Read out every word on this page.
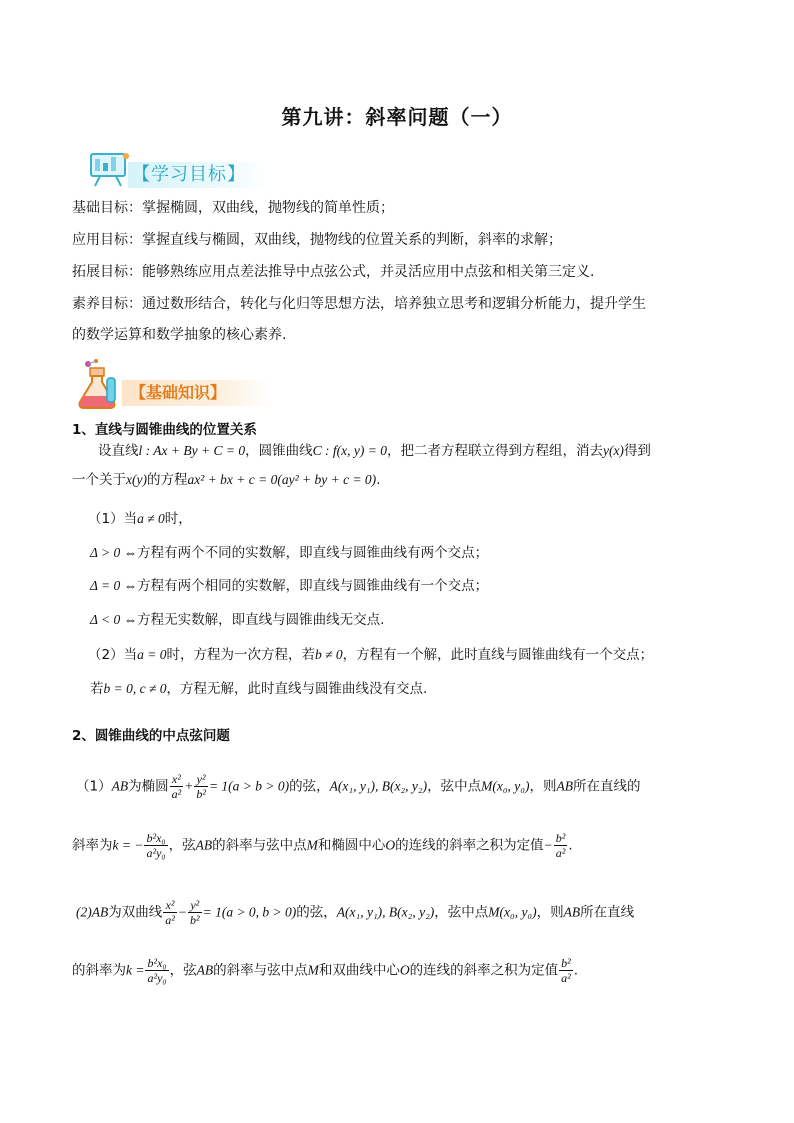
第九讲：斜率问题（一）
【学习目标】
基础目标：掌握椭圆，双曲线，抛物线的简单性质；
应用目标：掌握直线与椭圆，双曲线，抛物线的位置关系的判断，斜率的求解；
拓展目标：能够熟练应用点差法推导中点弦公式，并灵活应用中点弦和相关第三定义.
素养目标：通过数形结合，转化与化归等思想方法，培养独立思考和逻辑分析能力，提升学生
的数学运算和数学抽象的核心素养.
【基础知识】
1、直线与圆锥曲线的位置关系
设直线l : Ax + By + C = 0，圆锥曲线C : f(x, y) = 0，把二者方程联立得到方程组，消去y(x)得到
一个关于x(y)的方程ax² + bx + c = 0(ay² + by + c = 0).
（1）当a ≠ 0时，
Δ > 0 ⇔方程有两个不同的实数解，即直线与圆锥曲线有两个交点；
Δ = 0 ⇔方程有两个相同的实数解，即直线与圆锥曲线有一个交点；
Δ < 0 ⇔方程无实数解，即直线与圆锥曲线无交点.
（2）当a = 0时，方程为一次方程，若b ≠ 0，方程有一个解，此时直线与圆锥曲线有一个交点；
若b = 0, c ≠ 0，方程无解，此时直线与圆锥曲线没有交点.
2、圆锥曲线的中点弦问题
（1）AB为椭圆 $\frac{\text{x²}}{\text{a²}} + \frac{\text{y²}}{\text{b²}} = 1(a > b > 0)$的弦，A(x₁, y₁), B(x₂, y₂)，弦中点M(x₀, y₀)，则AB所在直线的
斜率为k = − $\frac{\text{b²x₀}}{\text{a²y₀}}$ ，弦AB的斜率与弦中点M和椭圆中心O的连线的斜率之积为定值− $\frac{\text{b²}}{\text{a²}}$ .
(2)AB为双曲线 $\frac{\text{x²}}{\text{a²}} - \frac{\text{y²}}{\text{b²}} = 1(a > 0$, b > 0)的弦，A(x₁, y₁), B(x₂, y₂)，弦中点M(x₀, y₀)，则AB所在直线
的斜率为$k = \frac{\text{b²x₀}}{\text{a²y₀}}$ ，弦AB的斜率与弦中点M和双曲线中心O的连线的斜率之积为定值 $\frac{\text{b²}}{\text{a²}}$ .
